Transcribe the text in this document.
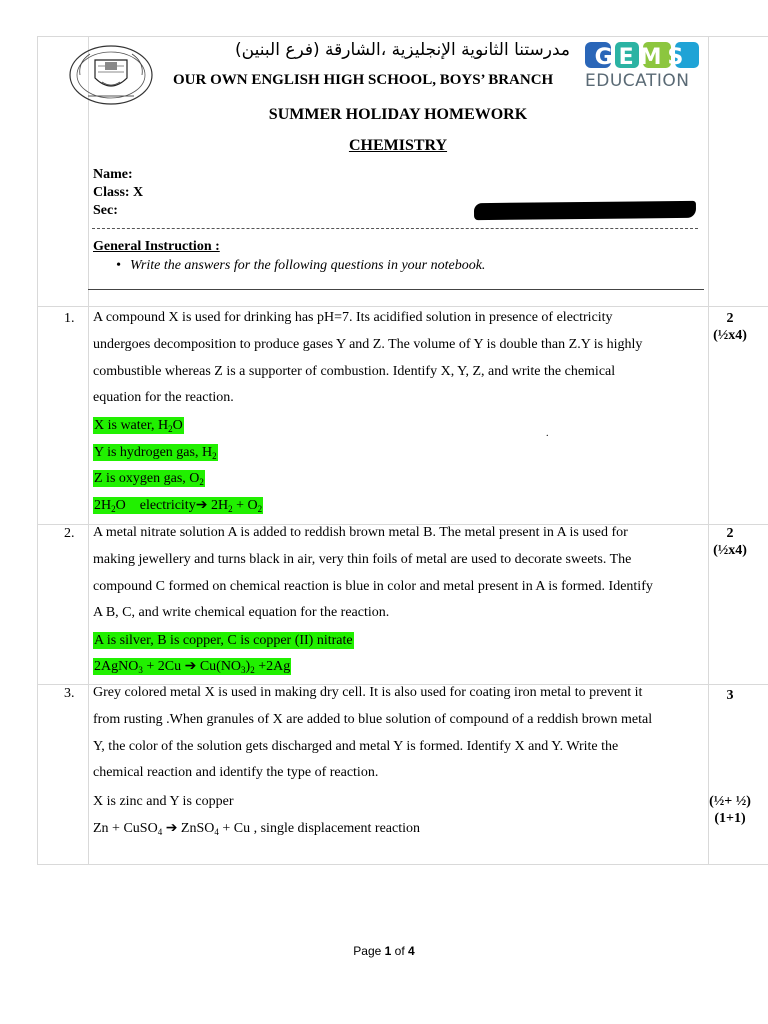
مدرستنا الثانوية الإنجليزية ،الشارقة (فرع البنين)
OUR OWN ENGLISH HIGH SCHOOL, BOYS’ BRANCH
GEMS
EDUCATION
SUMMER HOLIDAY HOMEWORK
CHEMISTRY
Name:
Class: X
Sec:
General Instruction :
• Write the answers for the following questions in your notebook.
1. A compound X is used for drinking has pH=7. Its acidified solution in presence of electricity
undergoes decomposition to produce gases Y and Z. The volume of Y is double than Z.Y is highly
combustible whereas Z is a supporter of combustion. Identify X, Y, Z, and write the chemical
equation for the reaction.
X is water, $H_2O$
.
Y is hydrogen gas, $H_2$
Z is oxygen gas, $O_2$
$2H_2O$    electricity➔ $2H_2 + O_2$
2
(½x4)
2. A metal nitrate solution A is added to reddish brown metal B. The metal present in A is used for
making jewellery and turns black in air, very thin foils of metal are used to decorate sweets. The
compound C formed on chemical reaction is blue in color and metal present in A is formed. Identify
A B, C, and write chemical equation for the reaction.
A is silver, B is copper, C is copper (II) nitrate
2AgNO$_3$ + 2Cu ➔ $Cu(NO_3)_2 +2Ag$
2
(½x4)
3. Grey colored metal X is used in making dry cell. It is also used for coating iron metal to prevent it
from rusting .When granules of X are added to blue solution of compound of a reddish brown metal
Y, the color of the solution gets discharged and metal Y is formed. Identify X and Y. Write the
chemical reaction and identify the type of reaction.
X is zinc and Y is copper
Zn + CuSO$_4$ ➔ ZnSO$_4$ + Cu , single displacement reaction
3
(½+ ½)
(1+1)
Page 1 of 4
